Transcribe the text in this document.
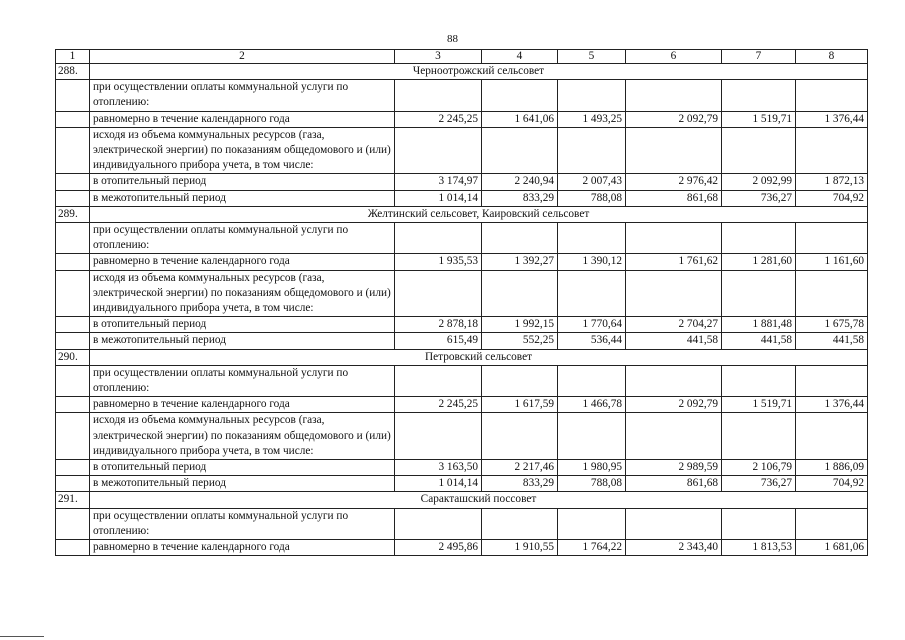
88
1	2	3	4	5	6	7	8
288.	Черноотрожский сельсовет						
	при осуществлении оплаты коммунальной услуги по отоплению:						
	равномерно в течение календарного года	2 245,25	1 641,06	1 493,25	2 092,79	1 519,71	1 376,44
	исходя из объема коммунальных ресурсов (газа, электрической энергии) по показаниям общедомового и (или) индивидуального прибора учета, в том числе:						
	в отопительный период	3 174,97	2 240,94	2 007,43	2 976,42	2 092,99	1 872,13
	в межотопительный период	1 014,14	833,29	788,08	861,68	736,27	704,92
289.	Желтинский сельсовет, Каировский сельсовет						
	при осуществлении оплаты коммунальной услуги по отоплению:						
	равномерно в течение календарного года	1 935,53	1 392,27	1 390,12	1 761,62	1 281,60	1 161,60
	исходя из объема коммунальных ресурсов (газа, электрической энергии) по показаниям общедомового и (или) индивидуального прибора учета, в том числе:						
	в отопительный период	2 878,18	1 992,15	1 770,64	2 704,27	1 881,48	1 675,78
	в межотопительный период	615,49	552,25	536,44	441,58	441,58	441,58
290.	Петровский сельсовет						
	при осуществлении оплаты коммунальной услуги по отоплению:						
	равномерно в течение календарного года	2 245,25	1 617,59	1 466,78	2 092,79	1 519,71	1 376,44
	исходя из объема коммунальных ресурсов (газа, электрической энергии) по показаниям общедомового и (или) индивидуального прибора учета, в том числе:						
	в отопительный период	3 163,50	2 217,46	1 980,95	2 989,59	2 106,79	1 886,09
	в межотопительный период	1 014,14	833,29	788,08	861,68	736,27	704,92
291.	Саракташский поссовет						
	при осуществлении оплаты коммунальной услуги по отоплению:						
	равномерно в течение календарного года	2 495,86	1 910,55	1 764,22	2 343,40	1 813,53	1 681,06
